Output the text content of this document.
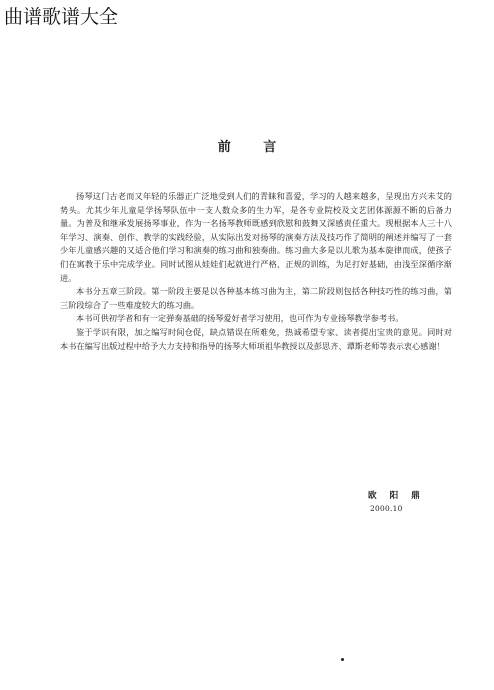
曲谱歌谱大全
前 言

扬琴这门古老而又年轻的乐器正广泛地受到人们的青睐和喜爱，学习的人越来越多，呈现出方兴未艾的势头。尤其少年儿童是学扬琴队伍中一支人数众多的生力军，是各专业院校及文艺团体源源不断的后备力量。为普及和继承发展扬琴事业，作为一名扬琴教师既感到欣慰和鼓舞又深感责任重大。现根据本人三十八年学习、演奏、创作、教学的实践经验，从实际出发对扬琴的演奏方法及技巧作了简明的阐述并编写了一套少年儿童感兴趣的又适合他们学习和演奏的练习曲和独奏曲。练习曲大多是以儿歌为基本旋律而成，使孩子们在寓教于乐中完成学业。同时试图从娃娃们起就进行严格、正规的训练，为足打好基础，由浅至深循序渐进。

本书分五章三阶段。第一阶段主要是以各种基本练习曲为主，第二阶段则包括各种技巧性的练习曲，第三阶段综合了一些难度较大的练习曲。

本书可供初学者和有一定弹奏基础的扬琴爱好者学习使用，也可作为专业扬琴教学参考书。

鉴于学识有限，加之编写时间仓促，缺点错误在所难免，热诚希望专家、读者提出宝贵的意见。同时对本书在编写出版过程中给予大力支持和指导的扬琴大师项祖华教授以及彭思齐、谭斯老师等表示衷心感谢！

欧 阳 鼎
2000.10
